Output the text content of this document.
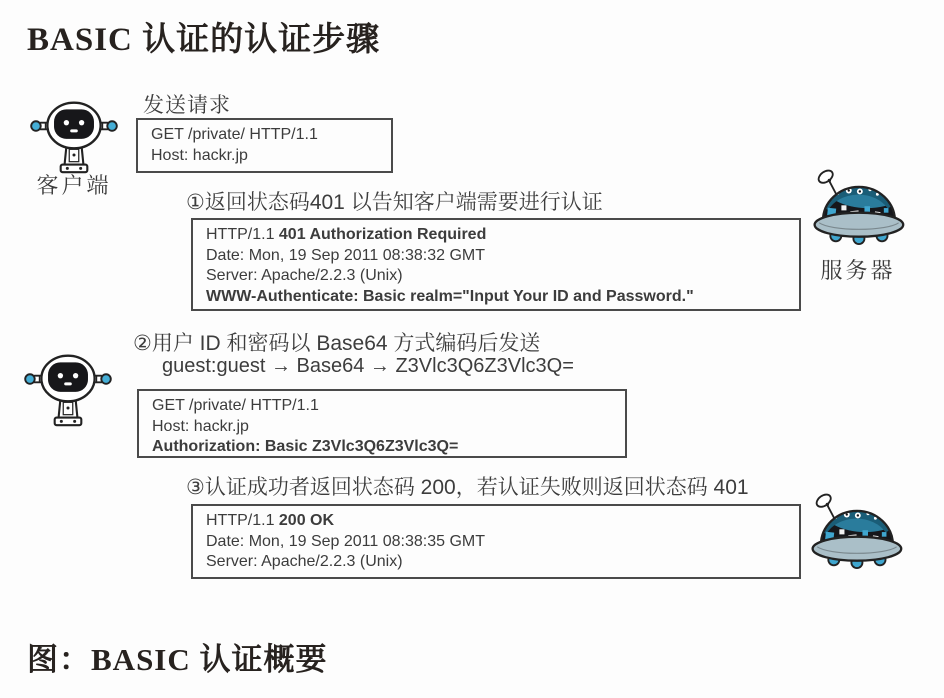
BASIC 认证的认证步骤
客户端
发送请求
GET /private/ HTTP/1.1
Host: hackr.jp
①返回状态码401 以告知客户端需要进行认证
HTTP/1.1 401 Authorization Required
Date: Mon, 19 Sep 2011 08:38:32 GMT
Server: Apache/2.2.3 (Unix)
WWW-Authenticate: Basic realm="Input Your ID and Password."
服务器
②用户 ID 和密码以 Base64 方式编码后发送
guest:guest → Base64 → Z3Vlc3Q6Z3Vlc3Q=
GET /private/ HTTP/1.1
Host: hackr.jp
Authorization: Basic Z3Vlc3Q6Z3Vlc3Q=
③认证成功者返回状态码 200，若认证失败则返回状态码 401
HTTP/1.1 200 OK
Date: Mon, 19 Sep 2011 08:38:35 GMT
Server: Apache/2.2.3 (Unix)
图：BASIC 认证概要
